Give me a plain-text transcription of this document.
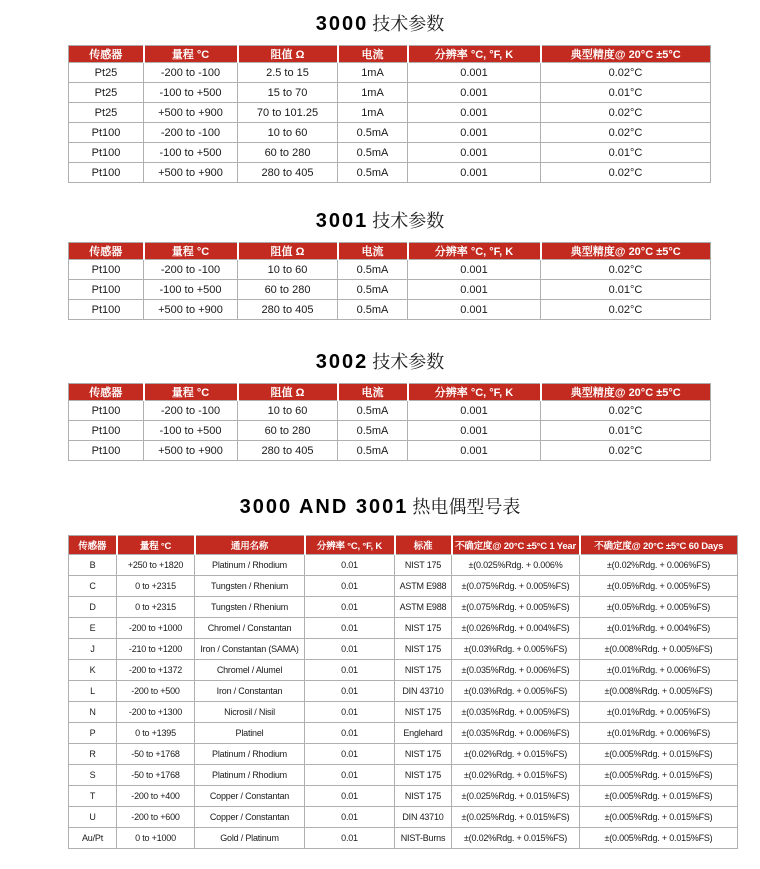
3000 技术参数
传感器	量程 °C	阻值 Ω	电流	分辨率 °C, °F, K	典型精度@ 20°C ±5°C
Pt25	-200 to -100	2.5 to 15	1mA	0.001	0.02°C
Pt25	-100 to +500	15 to 70	1mA	0.001	0.01°C
Pt25	+500 to +900	70 to 101.25	1mA	0.001	0.02°C
Pt100	-200 to -100	10 to 60	0.5mA	0.001	0.02°C
Pt100	-100 to +500	60 to 280	0.5mA	0.001	0.01°C
Pt100	+500 to +900	280 to 405	0.5mA	0.001	0.02°C
3001 技术参数
传感器	量程 °C	阻值 Ω	电流	分辨率 °C, °F, K	典型精度@ 20°C ±5°C
Pt100	-200 to -100	10 to 60	0.5mA	0.001	0.02°C
Pt100	-100 to +500	60 to 280	0.5mA	0.001	0.01°C
Pt100	+500 to +900	280 to 405	0.5mA	0.001	0.02°C
3002 技术参数
传感器	量程 °C	阻值 Ω	电流	分辨率 °C, °F, K	典型精度@ 20°C ±5°C
Pt100	-200 to -100	10 to 60	0.5mA	0.001	0.02°C
Pt100	-100 to +500	60 to 280	0.5mA	0.001	0.01°C
Pt100	+500 to +900	280 to 405	0.5mA	0.001	0.02°C
3000 AND 3001 热电偶型号表
传感器	量程 °C	通用名称	分辨率 °C, °F, K	标准	不确定度@ 20°C ±5°C 1 Year	不确定度@ 20°C ±5°C 60 Days
B	+250 to +1820	Platinum / Rhodium	0.01	NIST 175	±(0.025%Rdg. + 0.006%	±(0.02%Rdg. + 0.006%FS)
C	0 to +2315	Tungsten / Rhenium	0.01	ASTM E988	±(0.075%Rdg. + 0.005%FS)	±(0.05%Rdg. + 0.005%FS)
D	0 to +2315	Tungsten / Rhenium	0.01	ASTM E988	±(0.075%Rdg. + 0.005%FS)	±(0.05%Rdg. + 0.005%FS)
E	-200 to +1000	Chromel / Constantan	0.01	NIST 175	±(0.026%Rdg. + 0.004%FS)	±(0.01%Rdg. + 0.004%FS)
J	-210 to +1200	Iron / Constantan (SAMA)	0.01	NIST 175	±(0.03%Rdg. + 0.005%FS)	±(0.008%Rdg. + 0.005%FS)
K	-200 to +1372	Chromel / Alumel	0.01	NIST 175	±(0.035%Rdg. + 0.006%FS)	±(0.01%Rdg. + 0.006%FS)
L	-200 to +500	Iron / Constantan	0.01	DIN 43710	±(0.03%Rdg. + 0.005%FS)	±(0.008%Rdg. + 0.005%FS)
N	-200 to +1300	Nicrosil / Nisil	0.01	NIST 175	±(0.035%Rdg. + 0.005%FS)	±(0.01%Rdg. + 0.005%FS)
P	0 to +1395	Platinel	0.01	Englehard	±(0.035%Rdg. + 0.006%FS)	±(0.01%Rdg. + 0.006%FS)
R	-50 to +1768	Platinum / Rhodium	0.01	NIST 175	±(0.02%Rdg. + 0.015%FS)	±(0.005%Rdg. + 0.015%FS)
S	-50 to +1768	Platinum / Rhodium	0.01	NIST 175	±(0.02%Rdg. + 0.015%FS)	±(0.005%Rdg. + 0.015%FS)
T	-200 to +400	Copper / Constantan	0.01	NIST 175	±(0.025%Rdg. + 0.015%FS)	±(0.005%Rdg. + 0.015%FS)
U	-200 to +600	Copper / Constantan	0.01	DIN 43710	±(0.025%Rdg. + 0.015%FS)	±(0.005%Rdg. + 0.015%FS)
Au/Pt	0 to +1000	Gold / Platinum	0.01	NIST-Burns	±(0.02%Rdg. + 0.015%FS)	±(0.005%Rdg. + 0.015%FS)
